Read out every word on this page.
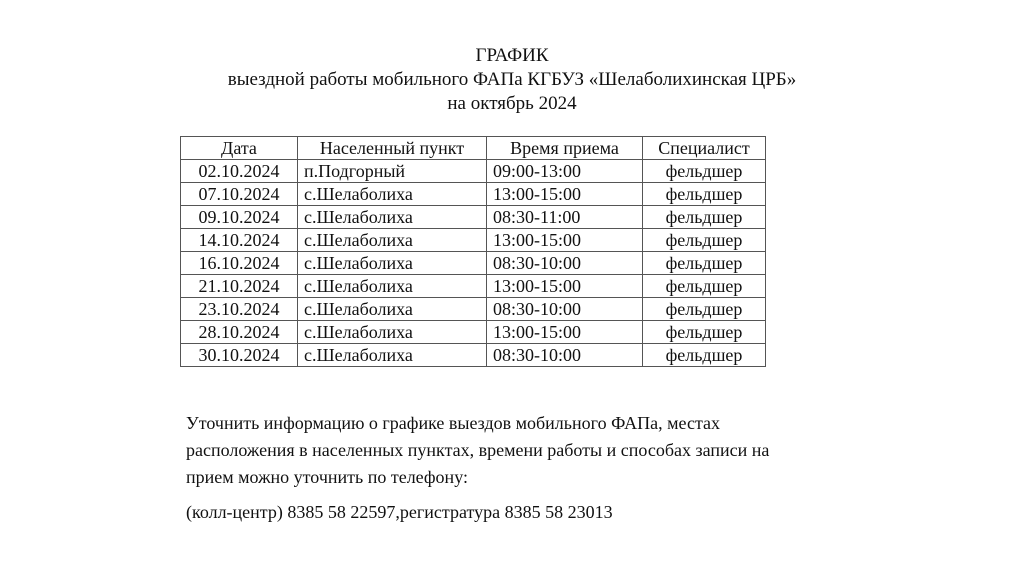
ГРАФИК
выездной работы мобильного ФАПа КГБУЗ «Шелаболихинская ЦРБ»
на октябрь 2024
Дата	Населенный пункт	Время приема	Специалист
02.10.2024	п.Подгорный	09:00-13:00	фельдшер
07.10.2024	с.Шелаболиха	13:00-15:00	фельдшер
09.10.2024	с.Шелаболиха	08:30-11:00	фельдшер
14.10.2024	с.Шелаболиха	13:00-15:00	фельдшер
16.10.2024	с.Шелаболиха	08:30-10:00	фельдшер
21.10.2024	с.Шелаболиха	13:00-15:00	фельдшер
23.10.2024	с.Шелаболиха	08:30-10:00	фельдшер
28.10.2024	с.Шелаболиха	13:00-15:00	фельдшер
30.10.2024	с.Шелаболиха	08:30-10:00	фельдшер

Уточнить информацию о графике выездов мобильного ФАПа, местах

расположения в населенных пунктах, времени работы и способах записи на

прием можно уточнить по телефону:

(колл-центр) 8385 58 22597,регистратура 8385 58 23013
